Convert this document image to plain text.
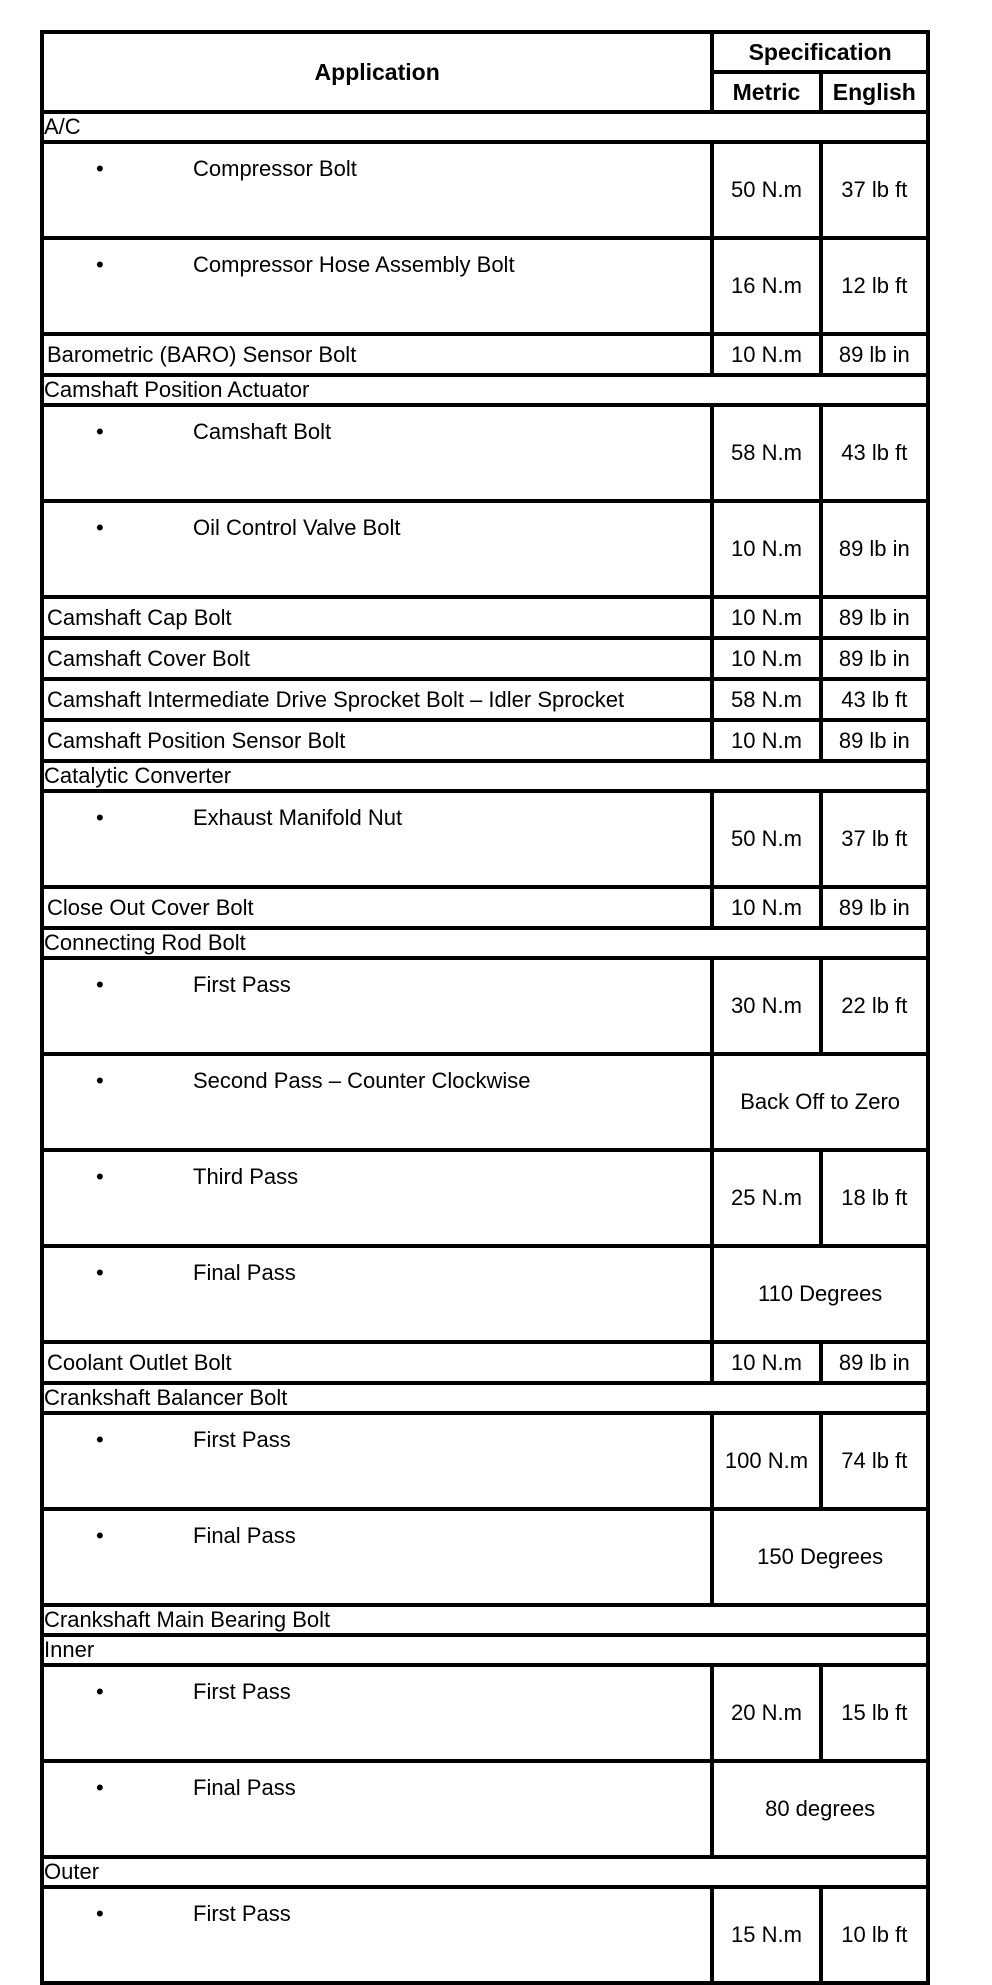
Application	Specification	
	Metric	English
A/C		
• Compressor Bolt	50 N.m	37 lb ft
• Compressor Hose Assembly Bolt	16 N.m	12 lb ft
Barometric (BARO) Sensor Bolt	10 N.m	89 lb in
Camshaft Position Actuator		
• Camshaft Bolt	58 N.m	43 lb ft
• Oil Control Valve Bolt	10 N.m	89 lb in
Camshaft Cap Bolt	10 N.m	89 lb in
Camshaft Cover Bolt	10 N.m	89 lb in
Camshaft Intermediate Drive Sprocket Bolt – Idler Sprocket	58 N.m	43 lb ft
Camshaft Position Sensor Bolt	10 N.m	89 lb in
Catalytic Converter		
• Exhaust Manifold Nut	50 N.m	37 lb ft
Close Out Cover Bolt	10 N.m	89 lb in
Connecting Rod Bolt		
• First Pass	30 N.m	22 lb ft
• Second Pass – Counter Clockwise	Back Off to Zero	
• Third Pass	25 N.m	18 lb ft
• Final Pass	110 Degrees	
Coolant Outlet Bolt	10 N.m	89 lb in
Crankshaft Balancer Bolt		
• First Pass	100 N.m	74 lb ft
• Final Pass	150 Degrees	
Crankshaft Main Bearing Bolt		
Inner		
• First Pass	20 N.m	15 lb ft
• Final Pass	80 degrees	
Outer		
• First Pass	15 N.m	10 lb ft
